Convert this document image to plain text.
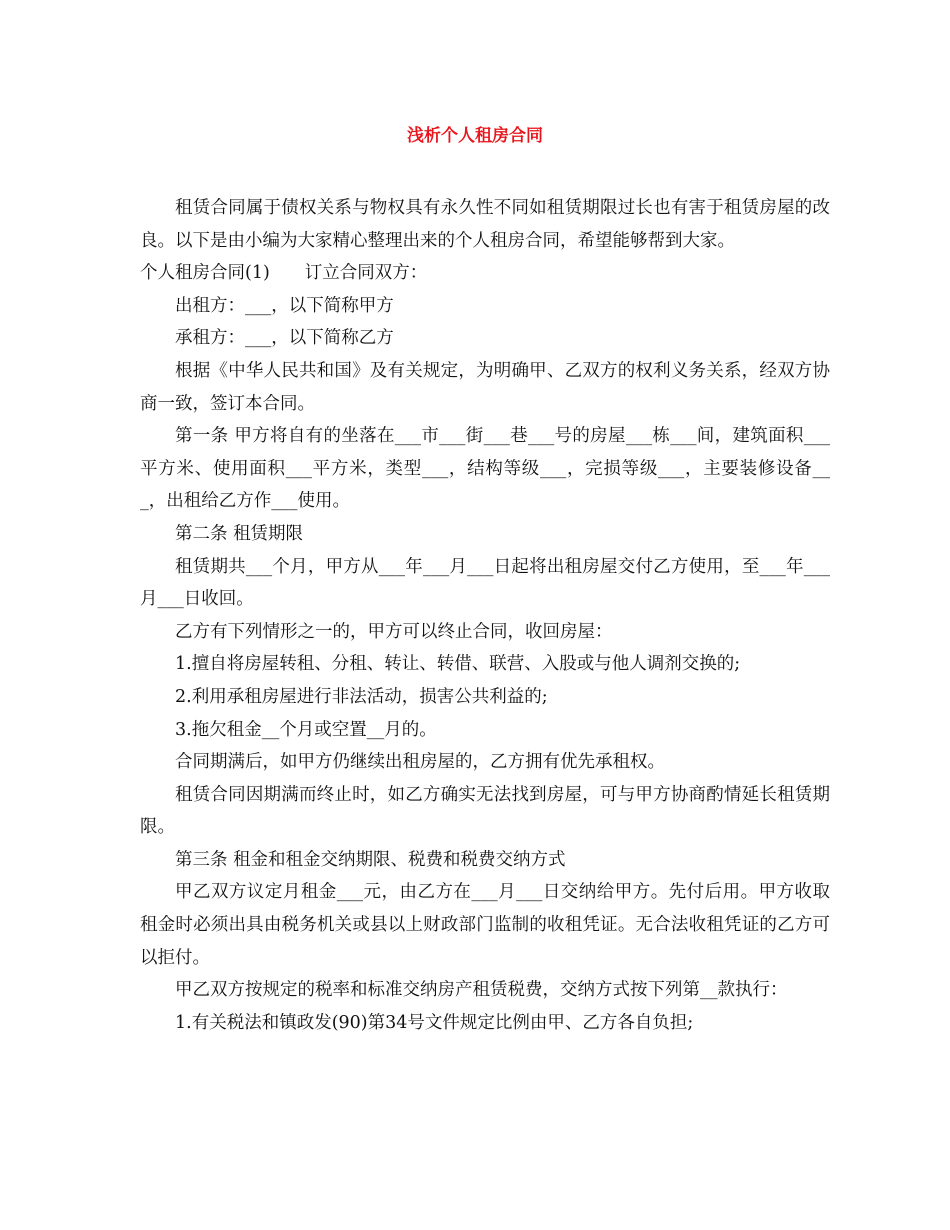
浅析个人租房合同

租赁合同属于债权关系与物权具有永久性不同如租赁期限过长也有害于租赁房屋的改良。以下是由小编为大家精心整理出来的个人租房合同，希望能够帮到大家。

个人租房合同(1)　　订立合同双方：

出租方：___，以下简称甲方

承租方：___，以下简称乙方

根据《中华人民共和国》及有关规定，为明确甲、乙双方的权利义务关系，经双方协商一致，签订本合同。

第一条 甲方将自有的坐落在___市___街___巷___号的房屋___栋___间，建筑面积___平方米、使用面积___平方米，类型___，结构等级___，完损等级___，主要装修设备___，出租给乙方作___使用。

第二条 租赁期限

租赁期共___个月，甲方从___年___月___日起将出租房屋交付乙方使用，至___年___月___日收回。

乙方有下列情形之一的，甲方可以终止合同，收回房屋：

1.擅自将房屋转租、分租、转让、转借、联营、入股或与他人调剂交换的;

2.利用承租房屋进行非法活动，损害公共利益的;

3.拖欠租金__个月或空置__月的。

合同期满后，如甲方仍继续出租房屋的，乙方拥有优先承租权。

租赁合同因期满而终止时，如乙方确实无法找到房屋，可与甲方协商酌情延长租赁期限。

第三条 租金和租金交纳期限、税费和税费交纳方式

甲乙双方议定月租金___元，由乙方在___月___日交纳给甲方。先付后用。甲方收取租金时必须出具由税务机关或县以上财政部门监制的收租凭证。无合法收租凭证的乙方可以拒付。

甲乙双方按规定的税率和标准交纳房产租赁税费，交纳方式按下列第__款执行：

1.有关税法和镇政发(90)第34号文件规定比例由甲、乙方各自负担;
